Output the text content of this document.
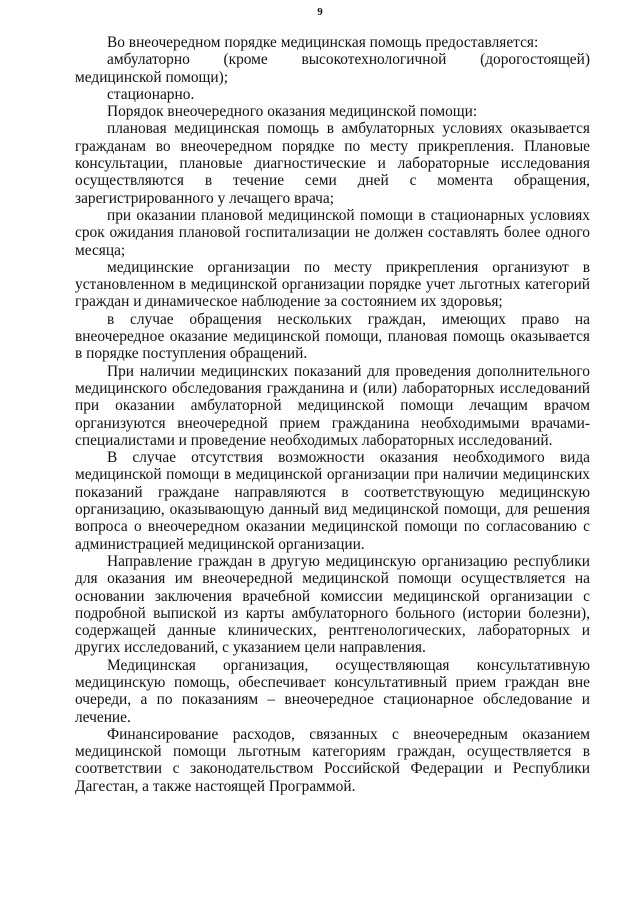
9

Во внеочередном порядке медицинская помощь предоставляется:

амбулаторно (кроме высокотехнологичной (дорогостоящей) медицинской помощи);

стационарно.

Порядок внеочередного оказания медицинской помощи:

плановая медицинская помощь в амбулаторных условиях оказывается гражданам во внеочередном порядке по месту прикрепления. Плановые консультации, плановые диагностические и лабораторные исследования осуществляются в течение семи дней с момента обращения, зарегистрированного у лечащего врача;

при оказании плановой медицинской помощи в стационарных условиях срок ожидания плановой госпитализации не должен составлять более одного месяца;

медицинские организации по месту прикрепления организуют в установленном в медицинской организации порядке учет льготных категорий граждан и динамическое наблюдение за состоянием их здоровья;

в случае обращения нескольких граждан, имеющих право на внеочередное оказание медицинской помощи, плановая помощь оказывается в порядке поступления обращений.

При наличии медицинских показаний для проведения дополнительного медицинского обследования гражданина и (или) лабораторных исследований при оказании амбулаторной медицинской помощи лечащим врачом организуются внеочередной прием гражданина необходимыми врачами-специалистами и проведение необходимых лабораторных исследований.

В случае отсутствия возможности оказания необходимого вида медицинской помощи в медицинской организации при наличии медицинских показаний граждане направляются в соответствующую медицинскую организацию, оказывающую данный вид медицинской помощи, для решения вопроса о внеочередном оказании медицинской помощи по согласованию с администрацией медицинской организации.

Направление граждан в другую медицинскую организацию республики для оказания им внеочередной медицинской помощи осуществляется на основании заключения врачебной комиссии медицинской организации с подробной выпиской из карты амбулаторного больного (истории болезни), содержащей данные клинических, рентгенологических, лабораторных и других исследований, с указанием цели направления.

Медицинская организация, осуществляющая консультативную медицинскую помощь, обеспечивает консультативный прием граждан вне очереди, а по показаниям – внеочередное стационарное обследование и лечение.

Финансирование расходов, связанных с внеочередным оказанием медицинской помощи льготным категориям граждан, осуществляется в соответствии с законодательством Российской Федерации и Республики Дагестан, а также настоящей Программой.
